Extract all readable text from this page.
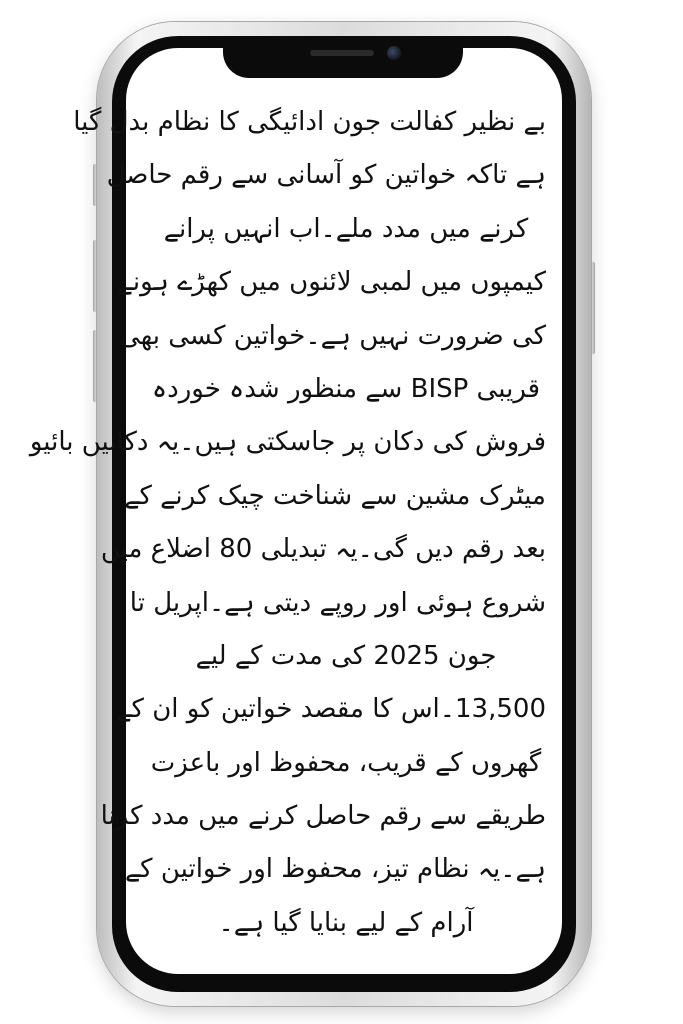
بے نظیر کفالت جون ادائیگی کا نظام بدل گیا
ہے تاکہ خواتین کو آسانی سے رقم حاصل
کرنے میں مدد ملے۔اب انہیں پرانے
کیمپوں میں لمبی لائنوں میں کھڑے ہونے
کی ضرورت نہیں ہے۔خواتین کسی بھی
قریبی BISP سے منظور شدہ خوردہ
فروش کی دکان پر جاسکتی ہیں۔یہ دکانیں بائیو
میٹرک مشین سے شناخت چیک کرنے کے
بعد رقم دیں گی۔یہ تبدیلی 80 اضلاع میں
شروع ہوئی اور روپے دیتی ہے۔اپریل تا
جون 2025 کی مدت کے لیے
13,500۔اس کا مقصد خواتین کو ان کے
گھروں کے قریب، محفوظ اور باعزت
طریقے سے رقم حاصل کرنے میں مدد کرنا
ہے۔یہ نظام تیز، محفوظ اور خواتین کے
آرام کے لیے بنایا گیا ہے۔
